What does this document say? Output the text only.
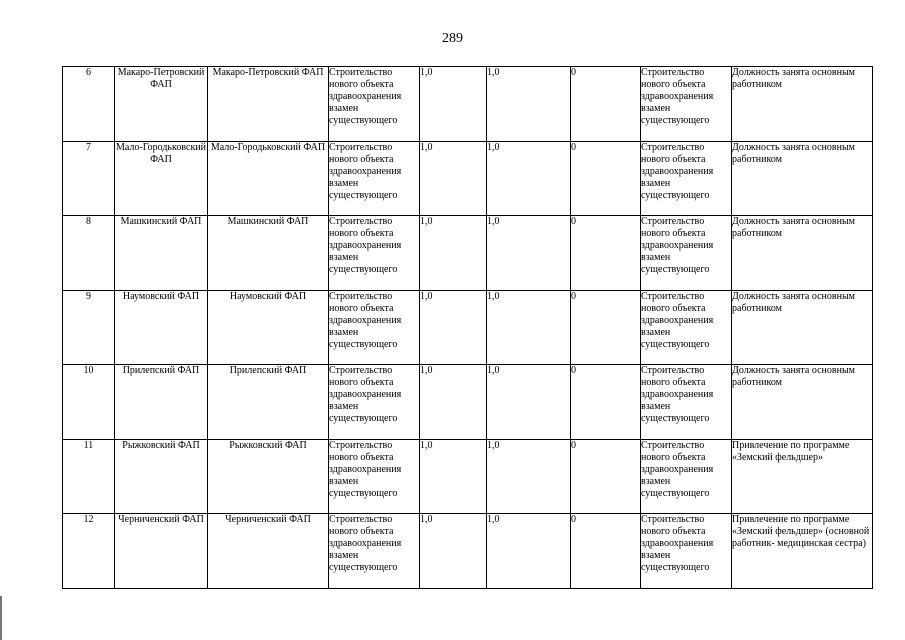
289
6	Макаро-Петровский ФАП	Макаро-Петровский ФАП	Строительство нового объекта здравоохранения взамен существующего	1,0	1,0	0	Строительство нового объекта здравоохранения взамен существующего	Должность занята основным работником
7	Мало-Городьковский ФАП	Мало-Городьковский ФАП	Строительство нового объекта здравоохранения взамен существующего	1,0	1,0	0	Строительство нового объекта здравоохранения взамен существующего	Должность занята основным работником
8	Машкинский ФАП	Машкинский ФАП	Строительство нового объекта здравоохранения взамен существующего	1,0	1,0	0	Строительство нового объекта здравоохранения взамен существующего	Должность занята основным работником
9	Наумовский ФАП	Наумовский ФАП	Строительство нового объекта здравоохранения взамен существующего	1,0	1,0	0	Строительство нового объекта здравоохранения взамен существующего	Должность занята основным работником
10	Прилепский ФАП	Прилепский ФАП	Строительство нового объекта здравоохранения взамен существующего	1,0	1,0	0	Строительство нового объекта здравоохранения взамен существующего	Должность занята основным работником
11	Рыжковский ФАП	Рыжковский ФАП	Строительство нового объекта здравоохранения взамен существующего	1,0	1,0	0	Строительство нового объекта здравоохранения взамен существующего	Привлечение по программе «Земский фельдшер»
12	Черниченский ФАП	Черниченский ФАП	Строительство нового объекта здравоохранения взамен существующего	1,0	1,0	0	Строительство нового объекта здравоохранения взамен существующего	Привлечение по программе «Земский фельдшер» (основной работник- медицинская сестра)
